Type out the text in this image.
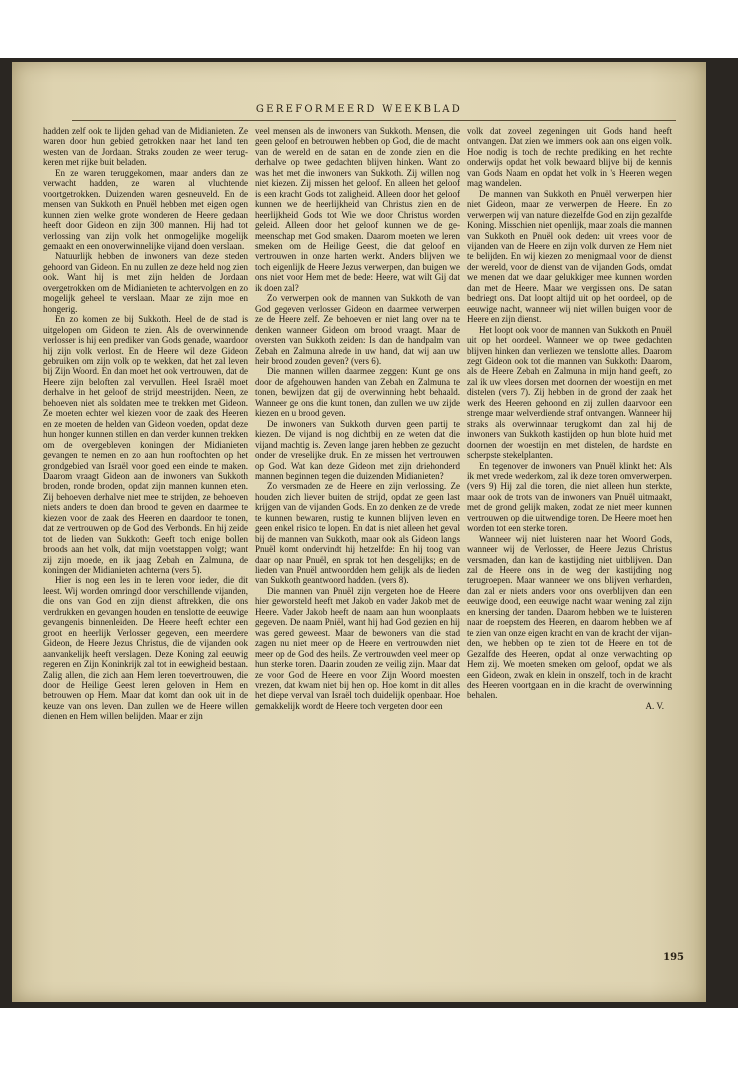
GEREFORMEERD WEEKBLAD

hadden zelf ook te lijden gehad van de Midianieten. Ze waren door hun gebied getrokken naar het land ten westen van de Jordaan. Straks zouden ze weer terugkeren met rijke buit beladen.

En ze waren teruggekomen, maar anders dan ze verwacht hadden, ze waren al vluchtende voortgetrokken. Duizenden waren gesneuveld. En de mensen van Sukkoth en Pnuël hebben met eigen ogen kunnen zien welke grote wonderen de Heere gedaan heeft door Gideon en zijn 300 mannen. Hij had tot verlossing van zijn volk het onmogelijke mogelijk gemaakt en een onoverwinnelijke vijand doen verslaan.

Natuurlijk hebben de inwoners van deze steden gehoord van Gideon. En nu zullen ze deze held nog zien ook. Want hij is met zijn helden de Jordaan overgetrokken om de Midianieten te achtervolgen en zo mogelijk geheel te verslaan. Maar ze zijn moe en hongerig.

En zo komen ze bij Sukkoth. Heel de de stad is uitgelopen om Gideon te zien. Als de overwinnende verlosser is hij een prediker van Gods genade, waardoor hij zijn volk verlost. En de Heere wil deze Gideon gebruiken om zijn volk op te wekken, dat het zal leven bij Zijn Woord. En dan moet het ook vertrouwen, dat de Heere zijn beloften zal vervullen. Heel Israël moet derhalve in het geloof de strijd meestrijden. Neen, ze behoeven niet als soldaten mee te trekken met Gideon. Ze moeten echter wel kiezen voor de zaak des Heeren en ze moeten de helden van Gideon voeden, opdat deze hun honger kunnen stillen en dan verder kunnen trekken om de overgebleven koningen der Midianieten gevangen te nemen en zo aan hun rooftochten op het grondgebied van Israël voor goed een einde te maken. Daarom vraagt Gideon aan de inwoners van Sukkoth broden, ronde broden, opdat zijn mannen kunnen eten. Zij behoeven derhalve niet mee te strijden, ze behoeven niets anders te doen dan brood te geven en daarmee te kiezen voor de zaak des Heeren en daardoor te tonen, dat ze vertrouwen op de God des Verbonds. En hij zeide tot de lieden van Sukkoth: Geeft toch enige bollen broods aan het volk, dat mijn voetstappen volgt; want zij zijn moede, en ik jaag Zebah en Zalmuna, de koningen der Midianieten achterna (vers 5).

Hier is nog een les in te leren voor ieder, die dit leest. Wij worden omringd door verschillende vijanden, die ons van God en zijn dienst aftrekken, die ons verdrukken en gevangen houden en tenslotte de eeuwige gevangenis binnenleiden. De Heere heeft echter een groot en heerlijk Verlosser gegeven, een meerdere Gideon, de Heere Jezus Christus, die de vijanden ook aanvankelijk heeft verslagen. Deze Koning zal eeuwig regeren en Zijn Koninkrijk zal tot in eewigheid bestaan. Zalig allen, die zich aan Hem leren toevertrouwen, die door de Heilige Geest leren geloven in Hem en betrouwen op Hem. Maar dat komt dan ook uit in de keuze van ons leven. Dan zullen we de Heere willen dienen en Hem willen belijden. Maar er zijn

veel mensen als de inwoners van Sukkoth. Mensen, die geen geloof en betrouwen hebben op God, die de macht van de wereld en de satan en de zonde zien en die derhalve op twee gedachten blijven hinken. Want zo was het met die inwoners van Sukkoth. Zij willen nog niet kiezen. Zij missen het geloof. En alleen het geloof is een kracht Gods tot zaligheid. Alleen door het geloof kunnen we de heerlijkheid van Christus zien en de heerlijkheid Gods tot Wie we door Christus worden geleid. Alleen door het geloof kunnen we de gemeenschap met God smaken. Daarom moeten we leren smeken om de Heilige Geest, die dat geloof en vertrouwen in onze harten werkt. Anders blijven we toch eigenlijk de Heere Jezus verwerpen, dan buigen we ons niet voor Hem met de bede: Heere, wat wilt Gij dat ik doen zal?

Zo verwerpen ook de mannen van Sukkoth de van God gegeven verlosser Gideon en daarmee verwerpen ze de Heere zelf. Ze behoeven er niet lang over na te denken wanneer Gideon om brood vraagt. Maar de oversten van Sukkoth zeiden: Is dan de handpalm van Zebah en Zalmuna alrede in uw hand, dat wij aan uw heir brood zouden geven? (vers 6).

Die mannen willen daarmee zeggen: Kunt ge ons door de afgehouwen handen van Zebah en Zalmuna te tonen, bewijzen dat gij de overwinning hebt behaald. Wanneer ge ons die kunt tonen, dan zullen we uw zijde kiezen en u brood geven.

De inwoners van Sukkoth durven geen partij te kiezen. De vijand is nog dichtbij en ze weten dat die vijand machtig is. Zeven lange jaren hebben ze gezucht onder de vreselijke druk. En ze missen het vertrouwen op God. Wat kan deze Gideon met zijn driehonderd mannen beginnen tegen die duizenden Midianieten?

Zo versmaden ze de Heere en zijn verlossing. Ze houden zich liever buiten de strijd, opdat ze geen last krijgen van de vijanden Gods. En zo denken ze de vrede te kunnen bewaren, rustig te kunnen blijven leven en geen enkel risico te lopen. En dat is niet alleen het geval bij de mannen van Sukkoth, maar ook als Gideon langs Pnuël komt ondervindt hij hetzelfde: En hij toog van daar op naar Pnuël, en sprak tot hen desgelijks; en de lieden van Pnuël antwoordden hem gelijk als de lieden van Sukkoth geantwoord hadden. (vers 8).

Die mannen van Pnuël zijn vergeten hoe de Heere hier geworsteld heeft met Jakob en vader Jakob met de Heere. Vader Jakob heeft de naam aan hun woonplaats gegeven. De naam Pniël, want hij had God gezien en hij was gered geweest. Maar de bewoners van die stad zagen nu niet meer op de Heere en vertrouwden niet meer op de God des heils. Ze vertrouwden veel meer op hun sterke toren. Daarin zouden ze veilig zijn. Maar dat ze voor God de Heere en voor Zijn Woord moesten vrezen, dat kwam niet bij hen op. Hoe komt in dit alles het diepe verval van Israël toch duidelijk openbaar. Hoe gemakkelijk wordt de Heere toch vergeten door een

volk dat zoveel zegeningen uit Gods hand heeft ontvangen. Dat zien we immers ook aan ons eigen volk. Hoe nodig is toch de rechte prediking en het rechte onderwijs opdat het volk bewaard blijve bij de kennis van Gods Naam en opdat het volk in 's Heeren wegen mag wandelen.

De mannen van Sukkoth en Pnuël verwerpen hier niet Gideon, maar ze verwerpen de Heere. En zo verwerpen wij van nature diezelfde God en zijn gezalfde Koning. Misschien niet openlijk, maar zoals die mannen van Sukkoth en Pnuël ook deden: uit vrees voor de vijanden van de Heere en zijn volk durven ze Hem niet te belijden. En wij kiezen zo menigmaal voor de dienst der wereld, voor de dienst van de vijanden Gods, omdat we menen dat we daar gelukkiger mee kunnen worden dan met de Heere. Maar we vergissen ons. De satan bedriegt ons. Dat loopt altijd uit op het oordeel, op de eeuwige nacht, wanneer wij niet willen buigen voor de Heere en zijn dienst.

Het loopt ook voor de mannen van Sukkoth en Pnuël uit op het oordeel. Wanneer we op twee gedachten blijven hinken dan verliezen we tenslotte alles. Daarom zegt Gideon ook tot die mannen van Sukkoth: Daarom, als de Heere Zebah en Zalmuna in mijn hand geeft, zo zal ik uw vlees dorsen met doornen der woestijn en met distelen (vers 7). Zij hebben in de grond der zaak het werk des Heeren gehoond en zij zullen daarvoor een strenge maar welverdiende straf ontvangen. Wanneer hij straks als overwinnaar terugkomt dan zal hij de inwoners van Sukkoth kastijden op hun blote huid met doornen der woestijn en met distelen, de hardste en scherpste stekelplanten.

En tegenover de inwoners van Pnuël klinkt het: Als ik met vrede wederkom, zal ik deze toren omverwerpen. (vers 9) Hij zal die toren, die niet alleen hun sterkte, maar ook de trots van de inwoners van Pnuël uitmaakt, met de grond gelijk maken, zodat ze niet meer kunnen vertrouwen op die uitwendige toren. De Heere moet hen worden tot een sterke toren.

Wanneer wij niet luisteren naar het Woord Gods, wanneer wij de Verlosser, de Heere Jezus Christus versmaden, dan kan de kastijding niet uitblijven. Dan zal de Heere ons in de weg der kastijding nog terugroepen. Maar wanneer we ons blijven verharden, dan zal er niets anders voor ons overblijven dan een eeuwige dood, een eeuwige nacht waar wening zal zijn en knersing der tanden. Daarom hebben we te luisteren naar de roepstem des Heeren, en daarom hebben we af te zien van onze eigen kracht en van de kracht der vijanden, we hebben op te zien tot de Heere en tot de Gezalfde des Heeren, opdat al onze verwachting op Hem zij. We moeten smeken om geloof, opdat we als een Gideon, zwak en klein in onszelf, toch in de kracht des Heeren voortgaan en in die kracht de overwinning behalen.

A. V.

195
